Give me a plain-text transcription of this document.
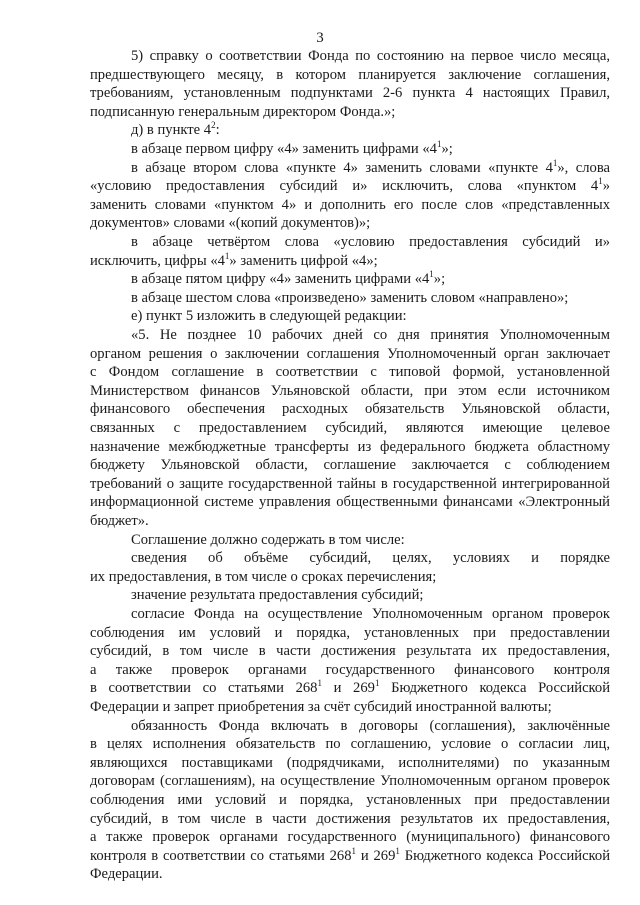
3
5) справку о соответствии Фонда по состоянию на первое число месяца,
предшествующего месяцу, в котором планируется заключение соглашения,
требованиям, установленным подпунктами 2-6 пункта 4 настоящих Правил,
подписанную генеральным директором Фонда.»;
д) в пункте $4^2$:
в абзаце первом цифру «4» заменить цифрами «$4^1$»;
в абзаце втором слова «пункте 4» заменить словами «пункте $4^1$», слова
«условию предоставления субсидий и» исключить, слова «пунктом $4^1$»
заменить словами «пунктом 4» и дополнить его после слов «представленных
документов» словами «(копий документов)»;
в абзаце четвёртом слова «условию предоставления субсидий и»
исключить, цифры «$4^1$» заменить цифрой «4»;
в абзаце пятом цифру «4» заменить цифрами «$4^1$»;
в абзаце шестом слова «произведено» заменить словом «направлено»;
е) пункт 5 изложить в следующей редакции:
«5. Не позднее 10 рабочих дней со дня принятия Уполномоченным
органом решения о заключении соглашения Уполномоченный орган заключает
с Фондом соглашение в соответствии с типовой формой, установленной
Министерством финансов Ульяновской области, при этом если источником
финансового обеспечения расходных обязательств Ульяновской области,
связанных с предоставлением субсидий, являются имеющие целевое
назначение межбюджетные трансферты из федерального бюджета областному
бюджету Ульяновской области, соглашение заключается с соблюдением
требований о защите государственной тайны в государственной интегрированной
информационной системе управления общественными финансами «Электронный
бюджет».
Соглашение должно содержать в том числе:
сведения об объёме субсидий, целях, условиях и порядке
их предоставления, в том числе о сроках перечисления;
значение результата предоставления субсидий;
согласие Фонда на осуществление Уполномоченным органом проверок
соблюдения им условий и порядка, установленных при предоставлении
субсидий, в том числе в части достижения результата их предоставления,
а также проверок органами государственного финансового контроля
в соответствии со статьями $268^1$ и $269^1$ Бюджетного кодекса Российской
Федерации и запрет приобретения за счёт субсидий иностранной валюты;
обязанность Фонда включать в договоры (соглашения), заключённые
в целях исполнения обязательств по соглашению, условие о согласии лиц,
являющихся поставщиками (подрядчиками, исполнителями) по указанным
договорам (соглашениям), на осуществление Уполномоченным органом проверок
соблюдения ими условий и порядка, установленных при предоставлении
субсидий, в том числе в части достижения результатов их предоставления,
а также проверок органами государственного (муниципального) финансового
контроля в соответствии со статьями $268^1$ и $269^1$ Бюджетного кодекса Российской
Федерации.
